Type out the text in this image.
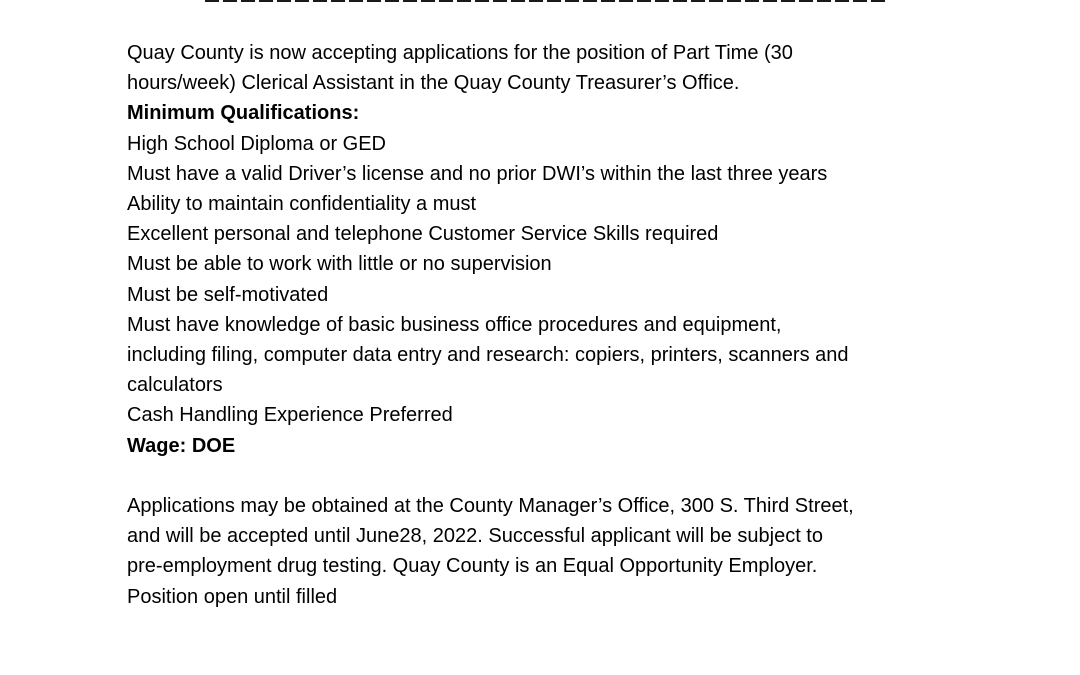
Quay County is now accepting applications for the position of Part Time (30
hours/week) Clerical Assistant in the Quay County Treasurer’s Office.
Minimum Qualifications:
High School Diploma or GED
Must have a valid Driver’s license and no prior DWI’s within the last three years
Ability to maintain confidentiality a must
Excellent personal and telephone Customer Service Skills required
Must be able to work with little or no supervision
Must be self-motivated
Must have knowledge of basic business office procedures and equipment,
including filing, computer data entry and research: copiers, printers, scanners and
calculators
Cash Handling Experience Preferred
Wage: DOE
Applications may be obtained at the County Manager’s Office, 300 S. Third Street,
and will be accepted until June28, 2022. Successful applicant will be subject to
pre-employment drug testing. Quay County is an Equal Opportunity Employer.
Position open until filled
